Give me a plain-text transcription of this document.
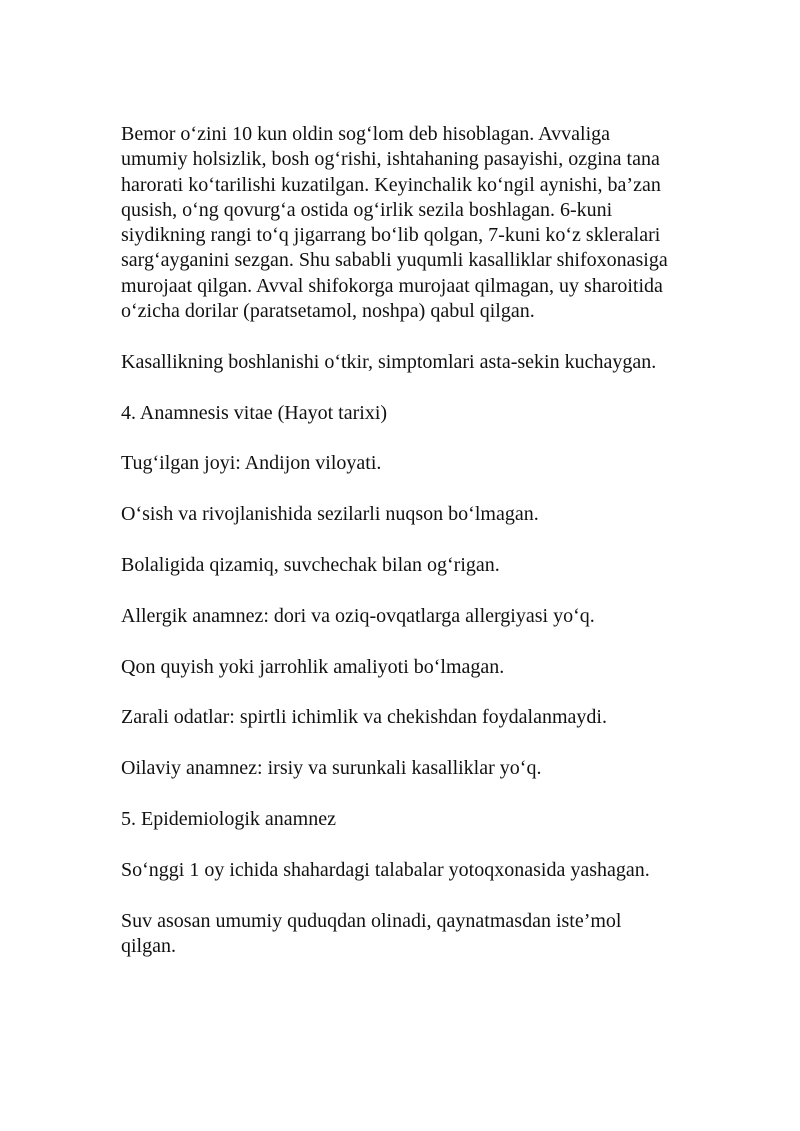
Bemor o‘zini 10 kun oldin sog‘lom deb hisoblagan. Avvaliga umumiy holsizlik, bosh og‘rishi, ishtahaning pasayishi, ozgina tana harorati ko‘tarilishi kuzatilgan. Keyinchalik ko‘ngil aynishi, ba’zan qusish, o‘ng qovurg‘a ostida og‘irlik sezila boshlagan. 6-kuni siydikning rangi to‘q jigarrang bo‘lib qolgan, 7-kuni ko‘z skleralari sarg‘ayganini sezgan. Shu sababli yuqumli kasalliklar shifoxonasiga murojaat qilgan. Avval shifokorga murojaat qilmagan, uy sharoitida o‘zicha dorilar (paratsetamol, noshpa) qabul qilgan.

Kasallikning boshlanishi o‘tkir, simptomlari asta-sekin kuchaygan.

4. Anamnesis vitae (Hayot tarixi)

Tug‘ilgan joyi: Andijon viloyati.

O‘sish va rivojlanishida sezilarli nuqson bo‘lmagan.

Bolaligida qizamiq, suvchechak bilan og‘rigan.

Allergik anamnez: dori va oziq-ovqatlarga allergiyasi yo‘q.

Qon quyish yoki jarrohlik amaliyoti bo‘lmagan.

Zarali odatlar: spirtli ichimlik va chekishdan foydalanmaydi.

Oilaviy anamnez: irsiy va surunkali kasalliklar yo‘q.

5. Epidemiologik anamnez

So‘nggi 1 oy ichida shahardagi talabalar yotoqxonasida yashagan.

Suv asosan umumiy quduqdan olinadi, qaynatmasdan iste’mol qilgan.
